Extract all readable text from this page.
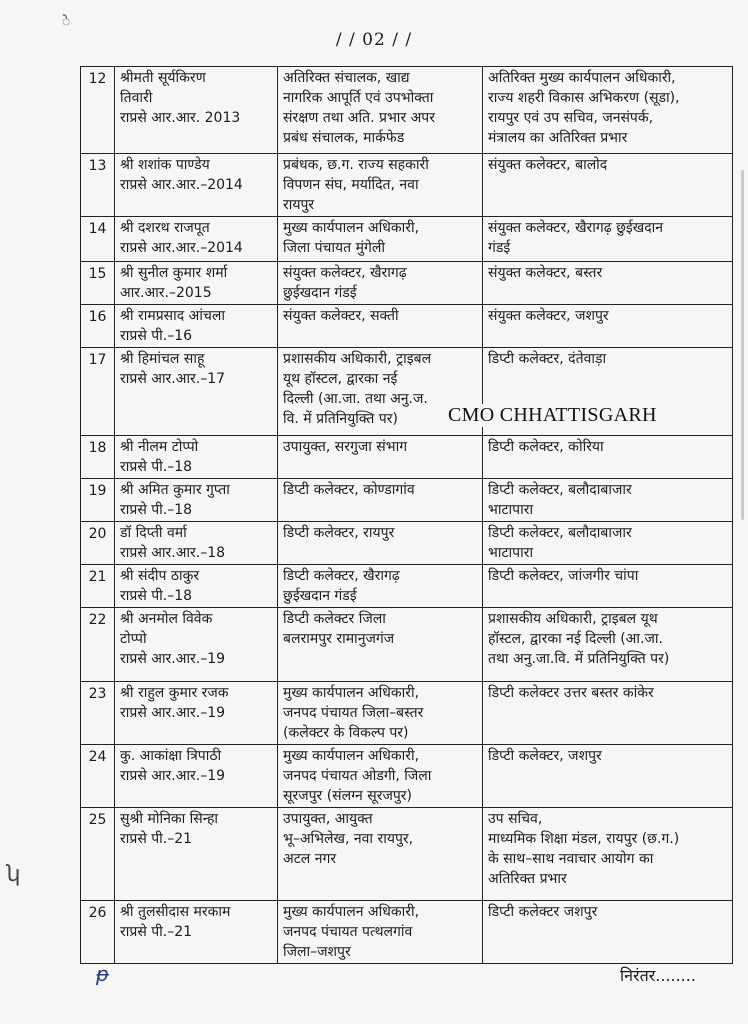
े
/ / 02 / /
12	श्रीमती सूर्यकिरण
तिवारी
राप्रसे आर.आर. 2013	अतिरिक्त संचालक, खाद्य
नागरिक आपूर्ति एवं उपभोक्ता
संरक्षण तथा अति. प्रभार अपर
प्रबंध संचालक, मार्कफेड	अतिरिक्त मुख्य कार्यपालन अधिकारी,
राज्य शहरी विकास अभिकरण (सूडा),
रायपुर एवं उप सचिव, जनसंपर्क,
मंत्रालय का अतिरिक्त प्रभार
13	श्री शशांक पाण्डेय
राप्रसे आर.आर.–2014	प्रबंधक, छ.ग. राज्य सहकारी
विपणन संघ, मर्यादित, नवा
रायपुर	संयुक्त कलेक्टर, बालोद
14	श्री दशरथ राजपूत
राप्रसे आर.आर.–2014	मुख्य कार्यपालन अधिकारी,
जिला पंचायत मुंगेली	संयुक्त कलेक्टर, खैरागढ़ छुईखदान
गंडई
15	श्री सुनील कुमार शर्मा
आर.आर.–2015	संयुक्त कलेक्टर, खैरागढ़
छुईखदान गंडई	संयुक्त कलेक्टर, बस्तर
16	श्री रामप्रसाद आंचला
राप्रसे पी.–16	संयुक्त कलेक्टर, सक्ती	संयुक्त कलेक्टर, जशपुर
17	श्री हिमांचल साहू
राप्रसे आर.आर.–17	प्रशासकीय अधिकारी, ट्राइबल
यूथ हॉस्टल, द्वारका नई
दिल्ली (आ.जा. तथा अनु.ज.
वि. में प्रतिनियुक्ति पर)	डिप्टी कलेक्टर, दंतेवाड़ा
18	श्री नीलम टोप्पो
राप्रसे पी.–18	उपायुक्त, सरगुजा संभाग	डिप्टी कलेक्टर, कोरिया
19	श्री अमित कुमार गुप्ता
राप्रसे पी.–18	डिप्टी कलेक्टर, कोण्डागांव	डिप्टी कलेक्टर, बलौदाबाजार
भाटापारा
20	डॉ दिप्ती वर्मा
राप्रसे आर.आर.–18	डिप्टी कलेक्टर, रायपुर	डिप्टी कलेक्टर, बलौदाबाजार
भाटापारा
21	श्री संदीप ठाकुर
राप्रसे पी.–18	डिप्टी कलेक्टर, खैरागढ़
छुईखदान गंडई	डिप्टी कलेक्टर, जांजगीर चांपा
22	श्री अनमोल विवेक
टोप्पो
राप्रसे आर.आर.–19	डिप्टी कलेक्टर जिला
बलरामपुर रामानुजगंज	प्रशासकीय अधिकारी, ट्राइबल यूथ
हॉस्टल, द्वारका नई दिल्ली (आ.जा.
तथा अनु.जा.वि. में प्रतिनियुक्ति पर)
23	श्री राहुल कुमार रजक
राप्रसे आर.आर.–19	मुख्य कार्यपालन अधिकारी,
जनपद पंचायत जिला–बस्तर
(कलेक्टर के विकल्प पर)	डिप्टी कलेक्टर उत्तर बस्तर कांकेर
24	कु. आकांक्षा त्रिपाठी
राप्रसे आर.आर.–19	मुख्य कार्यपालन अधिकारी,
जनपद पंचायत ओडगी, जिला
सूरजपुर (संलग्न सूरजपुर)	डिप्टी कलेक्टर, जशपुर
25	सुश्री मोनिका सिन्हा
राप्रसे पी.–21	उपायुक्त, आयुक्त
भू–अभिलेख, नवा रायपुर,
अटल नगर	उप सचिव,
माध्यमिक शिक्षा मंडल, रायपुर (छ.ग.)
के साथ–साथ नवाचार आयोग का
अतिरिक्त प्रभार
26	श्री तुलसीदास मरकाम
राप्रसे पी.–21	मुख्य कार्यपालन अधिकारी,
जनपद पंचायत पत्थलगांव
जिला–जशपुर	डिप्टी कलेक्टर जशपुर
CMO CHHATTISGARH
ᵽ
ʮ
निरंतर........
